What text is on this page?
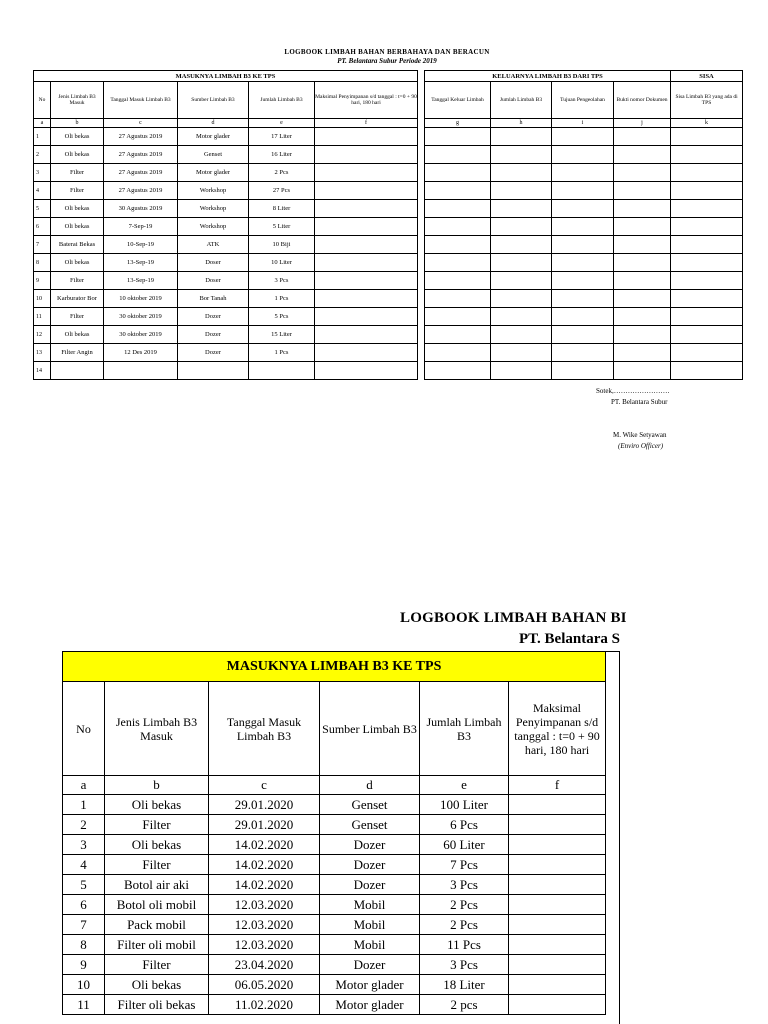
LOGBOOK LIMBAH BAHAN BERBAHAYA DAN BERACUN
PT. Belantara Subur Periode 2019
MASUKNYA LIMBAH B3 KE TPS					
No	Jenis Limbah B3 Masuk	Tanggal Masuk Limbah B3	Sumber Limbah B3	Jumlah Limbah B3	Maksimal Penyimpanan s/d tanggal : t=0 + 90 hari, 180 hari
a	b	c	d	e	f
1	Oli bekas	27 Agustus 2019	Motor glader	17 Liter	
2	Oli bekas	27 Agustus 2019	Genset	16 Liter	
3	Filter	27 Agustus 2019	Motor glader	2 Pcs	
4	Filter	27 Agustus 2019	Workshop	27 Pcs	
5	Oli bekas	30 Agustus 2019	Workshop	8 Liter	
6	Oli bekas	7-Sep-19	Workshop	5 Liter	
7	Baterai Bekas	10-Sep-19	ATK	10 Biji	
8	Oli bekas	13-Sep-19	Doser	10 Liter	
9	Filter	13-Sep-19	Doser	3 Pcs	
10	Karburator Bor	10 oktober 2019	Bor Tanah	1 Pcs	
11	Filter	30 oktober 2019	Dozer	5 Pcs	
12	Oli bekas	30 oktober 2019	Dozer	15 Liter	
13	Filter Angin	12 Des 2019	Dozer	1 Pcs	
14					
KELUARNYA LIMBAH B3 DARI TPS				SISA
Tanggal Keluar Limbah	Jumlah Limbah B3	Tujuan Pengeolahan	Bukti nomor Dokumen	Sisa Limbah B3 yang ada di TPS
g	h	i	j	k

Sotek,……………………
PT. Belantara Subur
M. Wike Setyawan
(Enviro Officer)
LOGBOOK LIMBAH BAHAN BI
PT. Belantara S
MASUKNYA LIMBAH B3 KE TPS					
No	Jenis Limbah B3 Masuk	Tanggal Masuk Limbah B3	Sumber Limbah B3	Jumlah Limbah B3	Maksimal Penyimpanan s/d tanggal : t=0 + 90 hari, 180 hari
a	b	c	d	e	f
1	Oli bekas	29.01.2020	Genset	100 Liter	
2	Filter	29.01.2020	Genset	6 Pcs	
3	Oli bekas	14.02.2020	Dozer	60 Liter	
4	Filter	14.02.2020	Dozer	7 Pcs	
5	Botol air aki	14.02.2020	Dozer	3 Pcs	
6	Botol oli mobil	12.03.2020	Mobil	2 Pcs	
7	Pack mobil	12.03.2020	Mobil	2 Pcs	
8	Filter oli mobil	12.03.2020	Mobil	11 Pcs	
9	Filter	23.04.2020	Dozer	3 Pcs	
10	Oli bekas	06.05.2020	Motor glader	18 Liter	
11	Filter oli bekas	11.02.2020	Motor glader	2 pcs	
